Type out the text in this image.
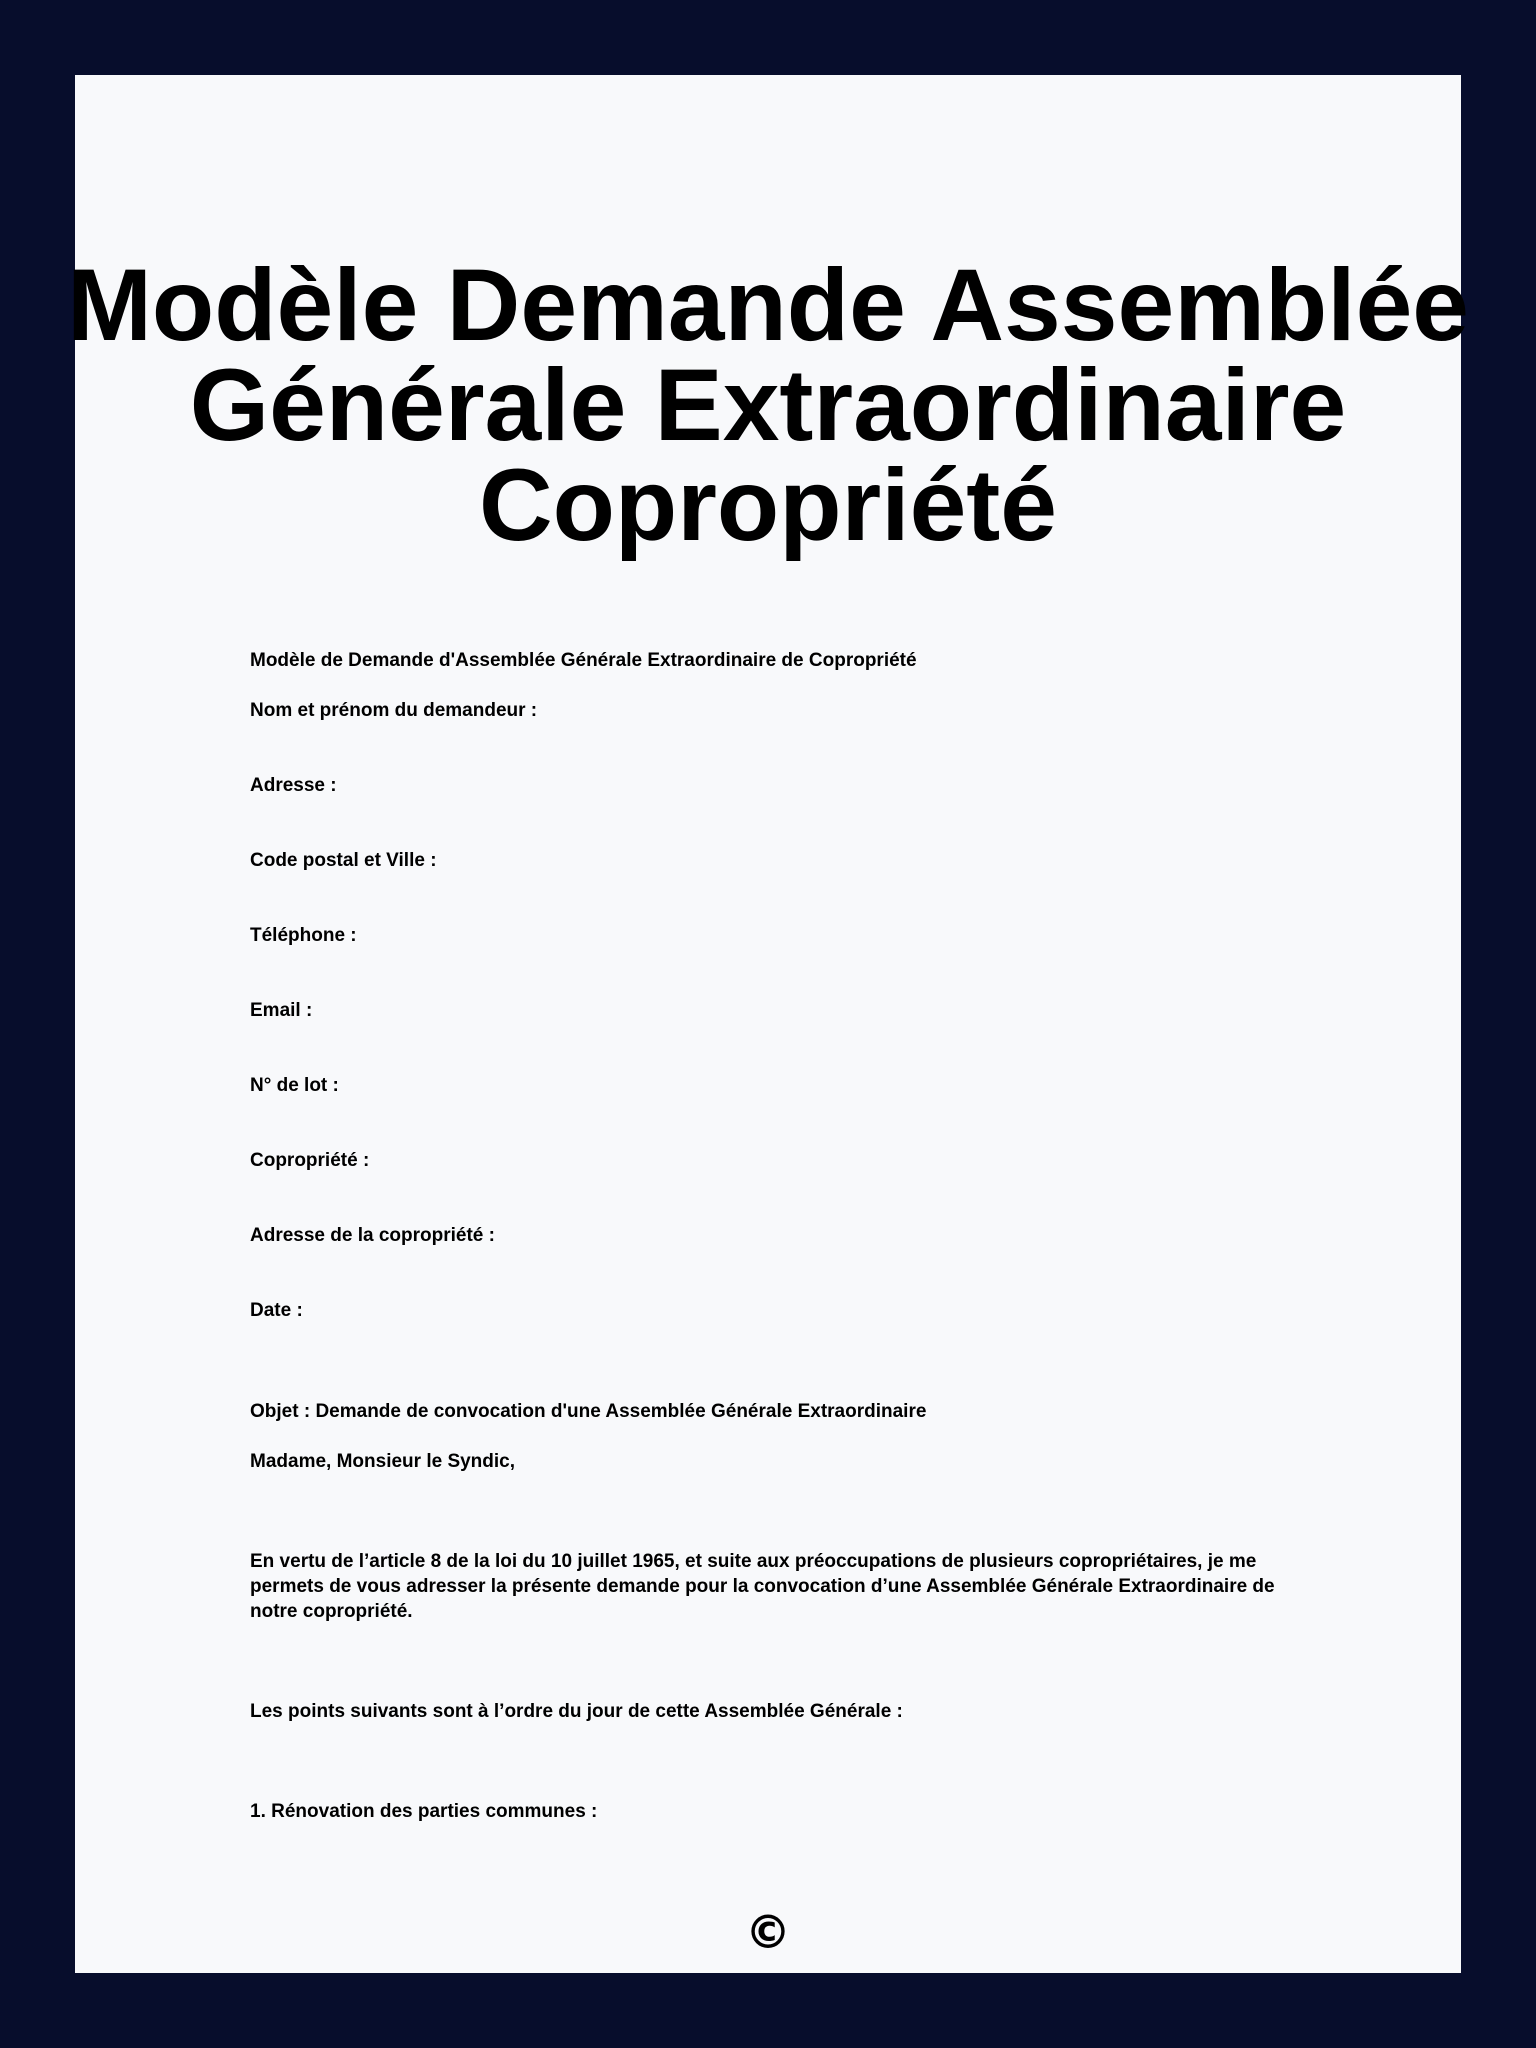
Modèle Demande Assemblée
Générale Extraordinaire
Copropriété

Modèle de Demande d'Assemblée Générale Extraordinaire de Copropriété

Nom et prénom du demandeur :

Adresse :

Code postal et Ville :

Téléphone :

Email :

N° de lot :

Copropriété :

Adresse de la copropriété :

Date :

Objet : Demande de convocation d'une Assemblée Générale Extraordinaire

Madame, Monsieur le Syndic,

En vertu de l’article 8 de la loi du 10 juillet 1965, et suite aux préoccupations de plusieurs copropriétaires, je me permets de vous adresser la présente demande pour la convocation d’une Assemblée Générale Extraordinaire de notre copropriété.

Les points suivants sont à l’ordre du jour de cette Assemblée Générale :

1. Rénovation des parties communes :

©
